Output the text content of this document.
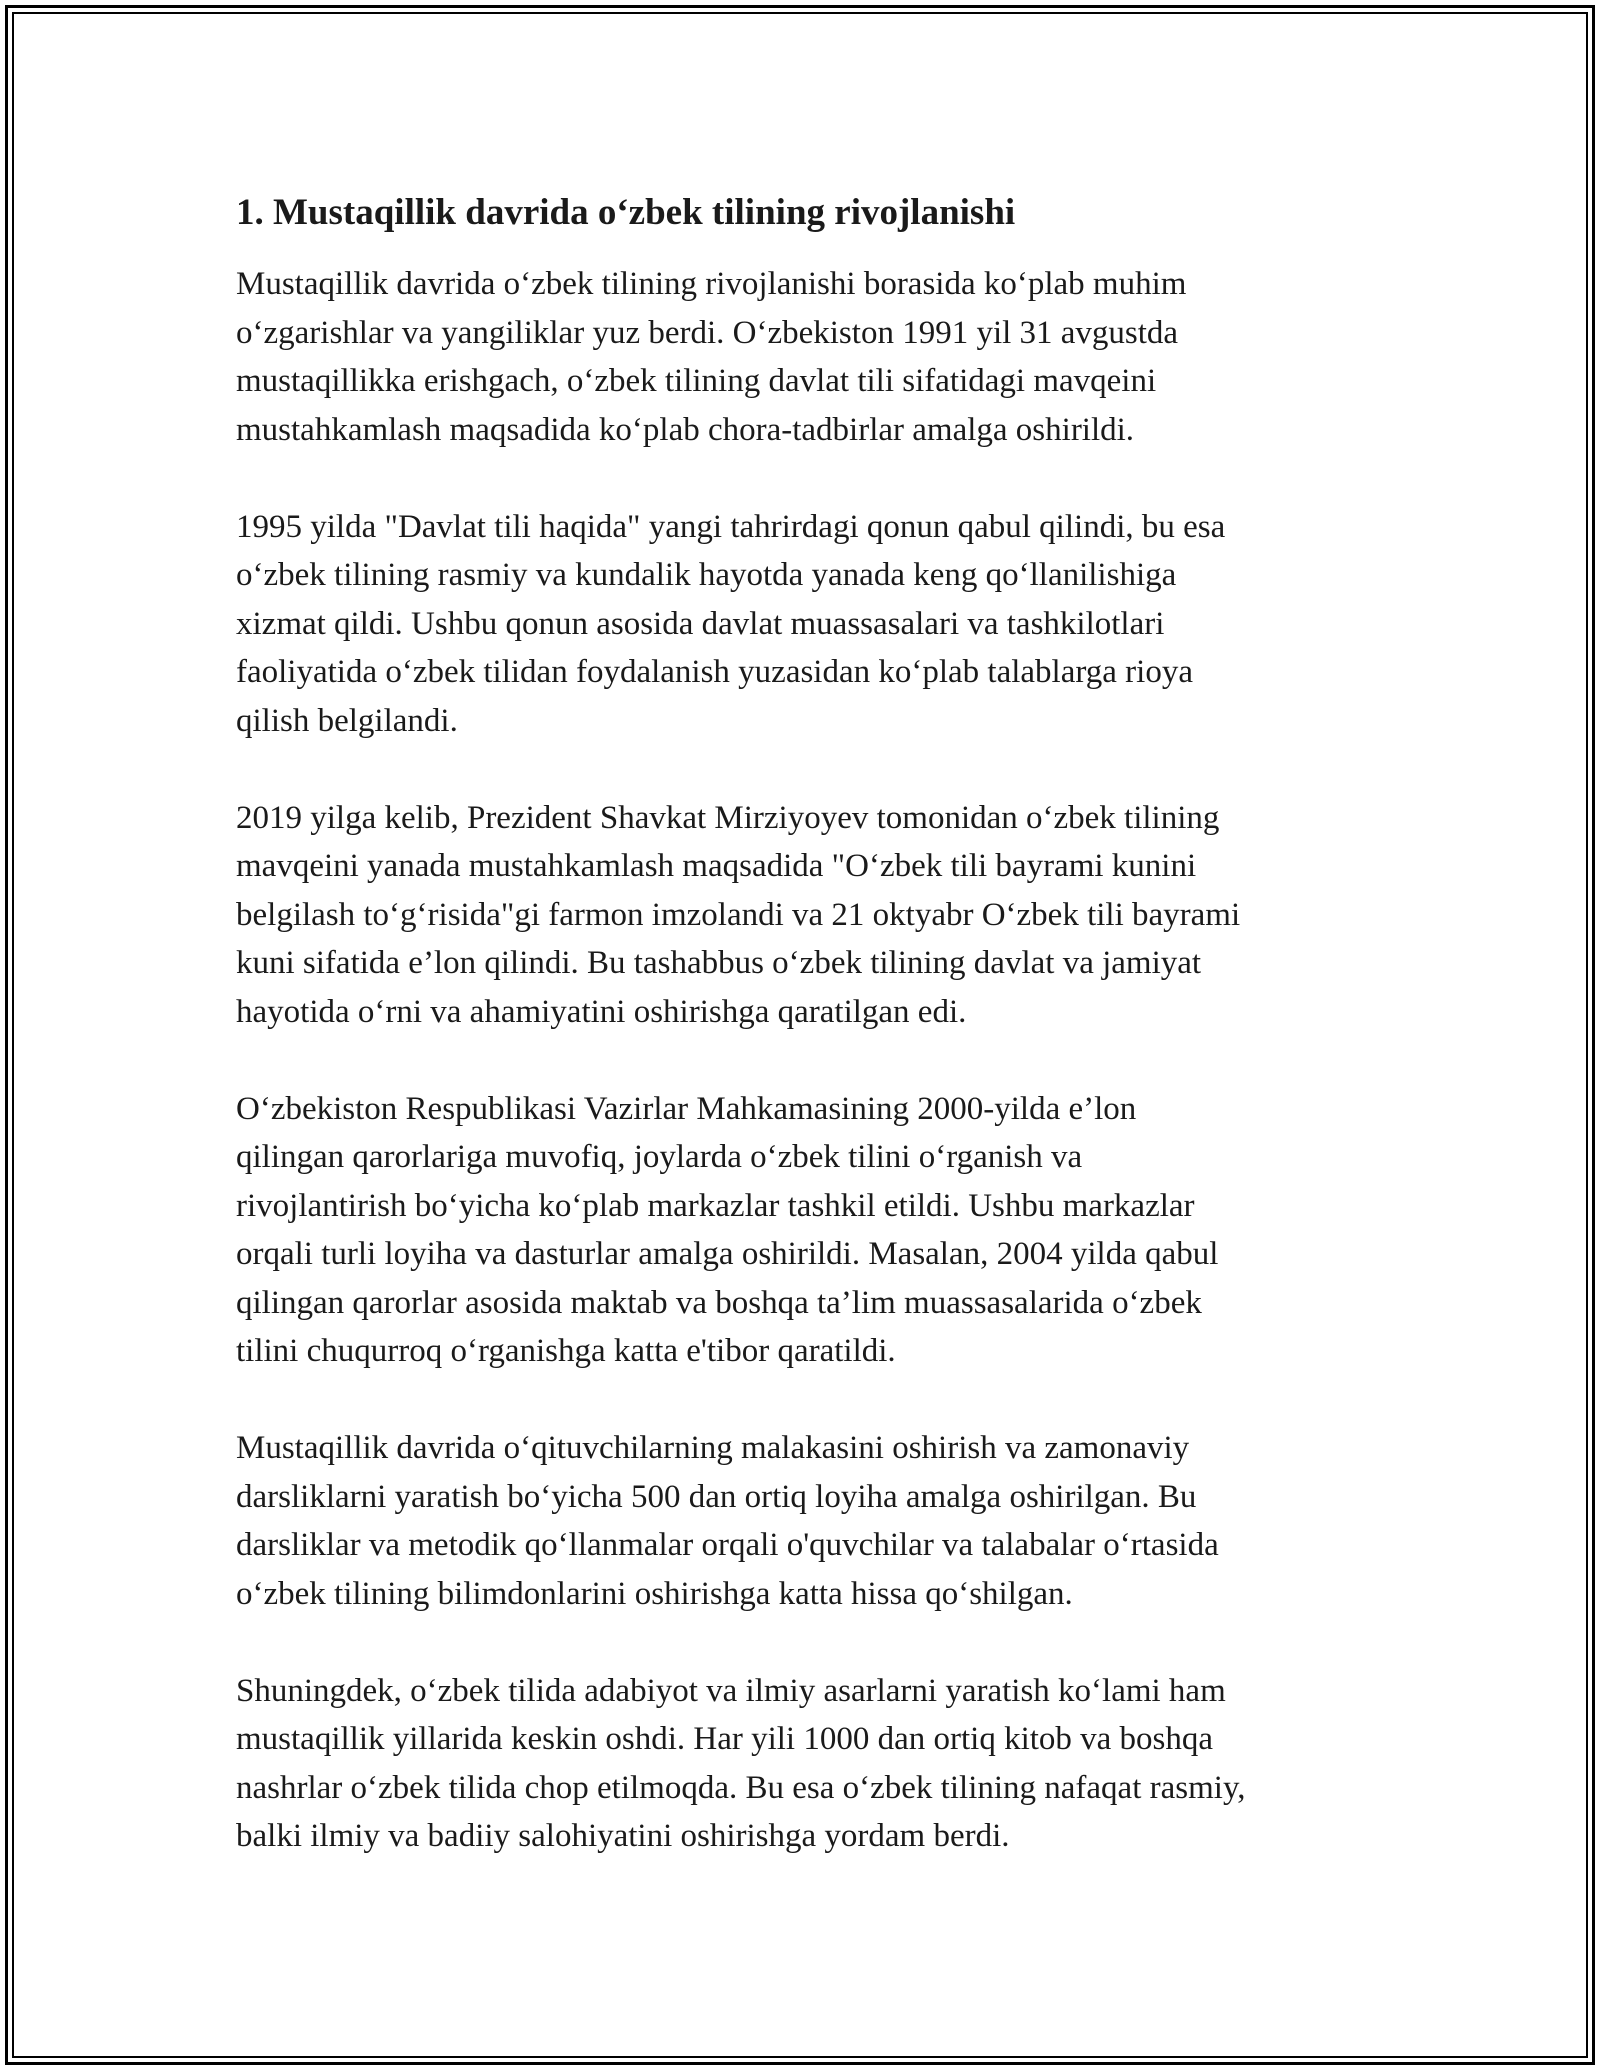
1. Mustaqillik davrida o‘zbek tilining rivojlanishi

Mustaqillik davrida o‘zbek tilining rivojlanishi borasida ko‘plab muhim
o‘zgarishlar va yangiliklar yuz berdi. O‘zbekiston 1991 yil 31 avgustda
mustaqillikka erishgach, o‘zbek tilining davlat tili sifatidagi mavqeini
mustahkamlash maqsadida ko‘plab chora-tadbirlar amalga oshirildi.

1995 yilda "Davlat tili haqida" yangi tahrirdagi qonun qabul qilindi, bu esa
o‘zbek tilining rasmiy va kundalik hayotda yanada keng qo‘llanilishiga
xizmat qildi. Ushbu qonun asosida davlat muassasalari va tashkilotlari
faoliyatida o‘zbek tilidan foydalanish yuzasidan ko‘plab talablarga rioya
qilish belgilandi.

2019 yilga kelib, Prezident Shavkat Mirziyoyev tomonidan o‘zbek tilining
mavqeini yanada mustahkamlash maqsadida "O‘zbek tili bayrami kunini
belgilash to‘g‘risida"gi farmon imzolandi va 21 oktyabr O‘zbek tili bayrami
kuni sifatida e’lon qilindi. Bu tashabbus o‘zbek tilining davlat va jamiyat
hayotida o‘rni va ahamiyatini oshirishga qaratilgan edi.

O‘zbekiston Respublikasi Vazirlar Mahkamasining 2000-yilda e’lon
qilingan qarorlariga muvofiq, joylarda o‘zbek tilini o‘rganish va
rivojlantirish bo‘yicha ko‘plab markazlar tashkil etildi. Ushbu markazlar
orqali turli loyiha va dasturlar amalga oshirildi. Masalan, 2004 yilda qabul
qilingan qarorlar asosida maktab va boshqa ta’lim muassasalarida o‘zbek
tilini chuqurroq o‘rganishga katta e'tibor qaratildi.

Mustaqillik davrida o‘qituvchilarning malakasini oshirish va zamonaviy
darsliklarni yaratish bo‘yicha 500 dan ortiq loyiha amalga oshirilgan. Bu
darsliklar va metodik qo‘llanmalar orqali o'quvchilar va talabalar o‘rtasida
o‘zbek tilining bilimdonlarini oshirishga katta hissa qo‘shilgan.

Shuningdek, o‘zbek tilida adabiyot va ilmiy asarlarni yaratish ko‘lami ham
mustaqillik yillarida keskin oshdi. Har yili 1000 dan ortiq kitob va boshqa
nashrlar o‘zbek tilida chop etilmoqda. Bu esa o‘zbek tilining nafaqat rasmiy,
balki ilmiy va badiiy salohiyatini oshirishga yordam berdi.
